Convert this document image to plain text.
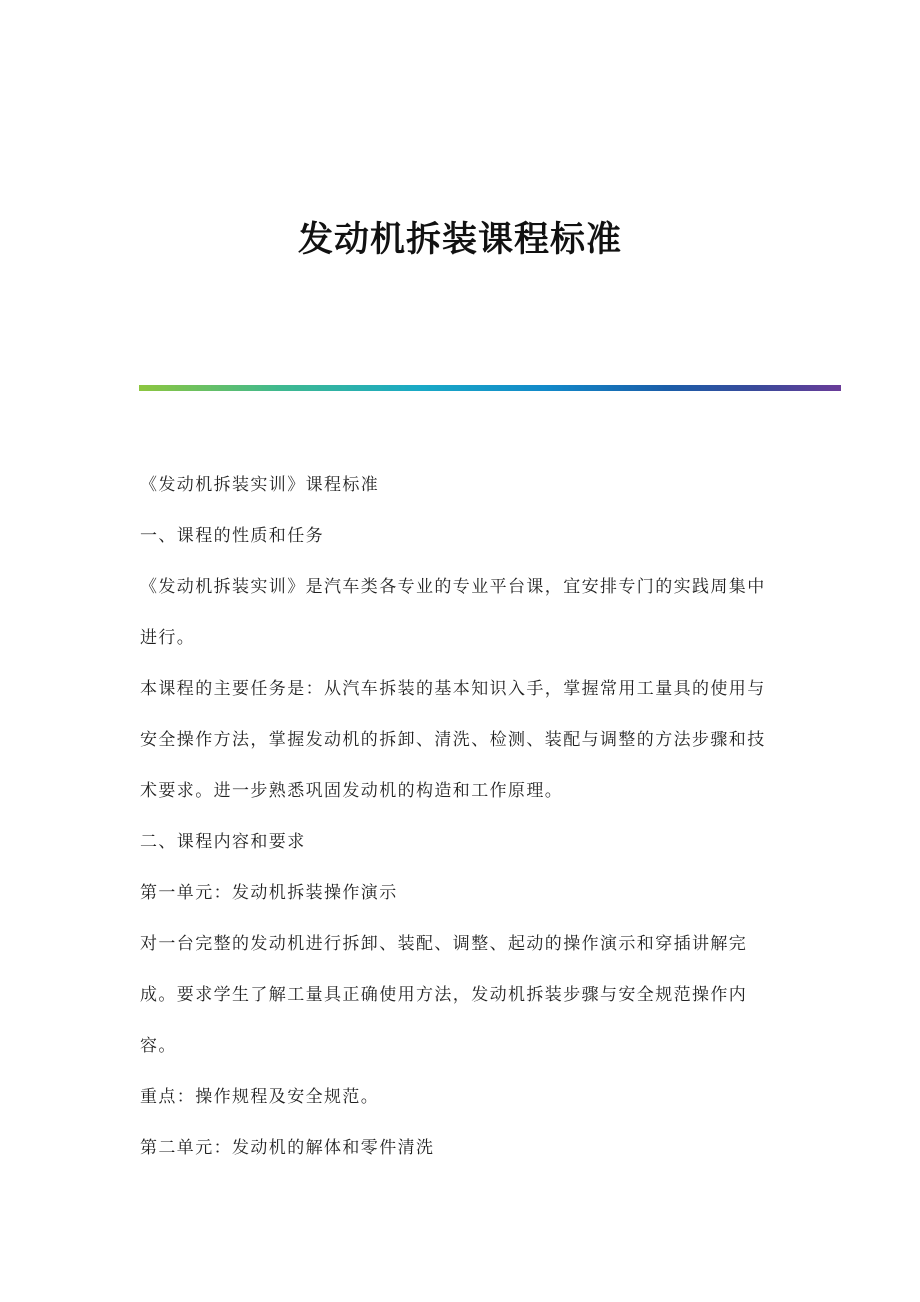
发动机拆装课程标准

《发动机拆装实训》课程标准

一、课程的性质和任务

《发动机拆装实训》是汽车类各专业的专业平台课，宜安排专门的实践周集中进行。

本课程的主要任务是：从汽车拆装的基本知识入手，掌握常用工量具的使用与安全操作方法，掌握发动机的拆卸、清洗、检测、装配与调整的方法步骤和技术要求。进一步熟悉巩固发动机的构造和工作原理。

二、课程内容和要求

第一单元：发动机拆装操作演示

对一台完整的发动机进行拆卸、装配、调整、起动的操作演示和穿插讲解完成。要求学生了解工量具正确使用方法，发动机拆装步骤与安全规范操作内容。

重点：操作规程及安全规范。

第二单元：发动机的解体和零件清洗
